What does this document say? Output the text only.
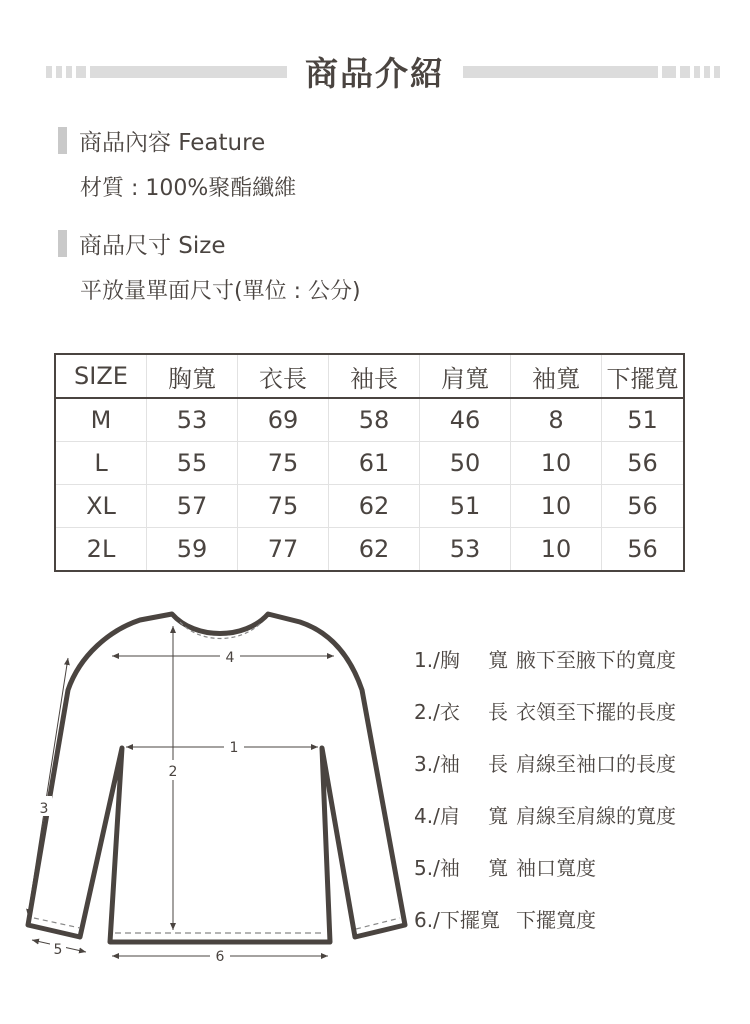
商品介紹
商品內容 Feature
材質 : 100%聚酯纖維
商品尺寸 Size
平放量單面尺寸(單位 : 公分)
SIZE	胸寬	衣長	袖長	肩寬	袖寬	下擺寬
M	53	69	58	46	8	51
L	55	75	61	50	10	56
XL	57	75	62	51	10	56
2L	59	77	62	53	10	56
4
1
2
3
5	6
1./胸 寬 腋下至腋下的寬度
2./衣 長 衣領至下擺的長度
3./袖 長 肩線至袖口的長度
4./肩 寬 肩線至肩線的寬度
5./袖 寬 袖口寬度
6./下擺寬 下擺寬度
